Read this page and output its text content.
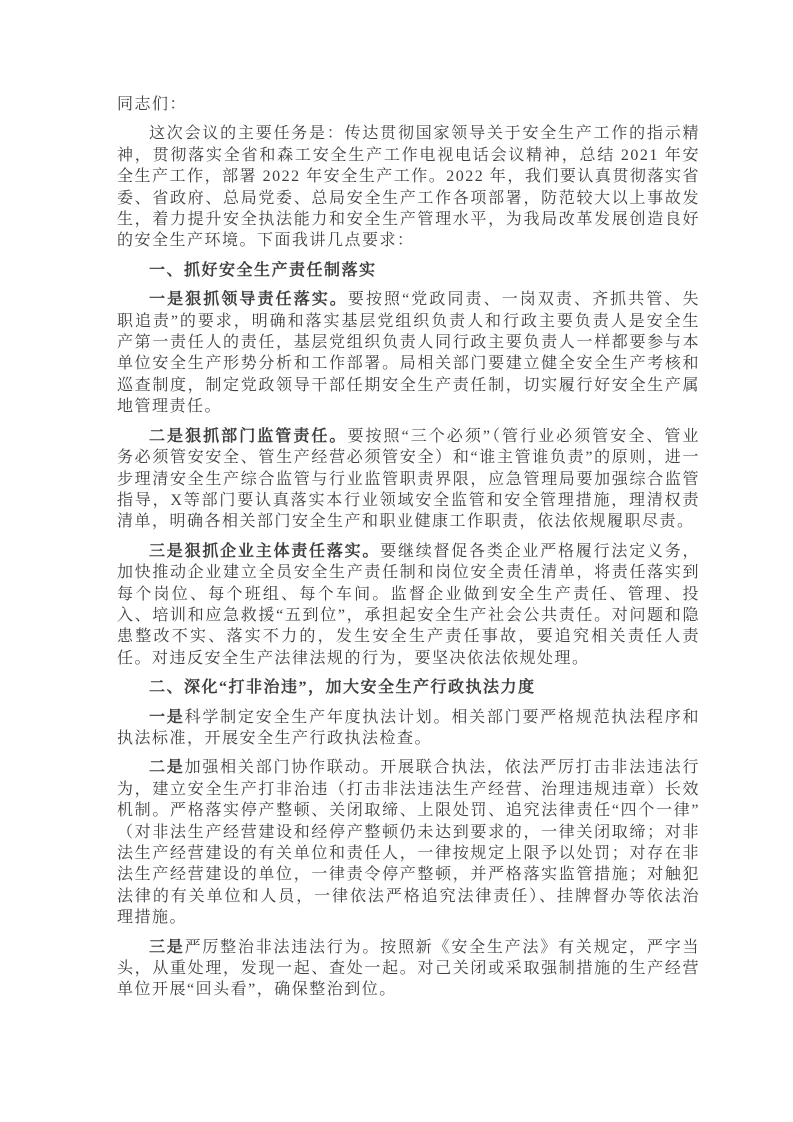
同志们：

这次会议的主要任务是：传达贯彻国家领导关于安全生产工作的指示精神，贯彻落实全省和森工安全生产工作电视电话会议精神，总结 2021 年安全生产工作，部署 2022 年安全生产工作。2022 年，我们要认真贯彻落实省委、省政府、总局党委、总局安全生产工作各项部署，防范较大以上事故发生，着力提升安全执法能力和安全生产管理水平，为我局改革发展创造良好的安全生产环境。下面我讲几点要求：

一、抓好安全生产责任制落实

一是狠抓领导责任落实。要按照“党政同责、一岗双责、齐抓共管、失职追责”的要求，明确和落实基层党组织负责人和行政主要负责人是安全生产第一责任人的责任，基层党组织负责人同行政主要负责人一样都要参与本单位安全生产形势分析和工作部署。局相关部门要建立健全安全生产考核和巡查制度，制定党政领导干部任期安全生产责任制，切实履行好安全生产属地管理责任。

二是狠抓部门监管责任。要按照“三个必须”（管行业必须管安全、管业务必须管安安全、管生产经营必须管安全）和“谁主管谁负责”的原则，进一步理清安全生产综合监管与行业监管职责界限，应急管理局要加强综合监管指导，X等部门要认真落实本行业领域安全监管和安全管理措施，理清权责清单，明确各相关部门安全生产和职业健康工作职责，依法依规履职尽责。

三是狠抓企业主体责任落实。要继续督促各类企业严格履行法定义务，加快推动企业建立全员安全生产责任制和岗位安全责任清单，将责任落实到每个岗位、每个班组、每个车间。监督企业做到安全生产责任、管理、投入、培训和应急救援“五到位”，承担起安全生产社会公共责任。对问题和隐患整改不实、落实不力的，发生安全生产责任事故，要追究相关责任人责任。对违反安全生产法律法规的行为，要坚决依法依规处理。

二、深化“打非治违”，加大安全生产行政执法力度

一是科学制定安全生产年度执法计划。相关部门要严格规范执法程序和执法标准，开展安全生产行政执法检查。

二是加强相关部门协作联动。开展联合执法，依法严厉打击非法违法行为，建立安全生产打非治违（打击非法违法生产经营、治理违规违章）长效机制。严格落实停产整顿、关闭取缔、上限处罚、追究法律责任“四个一律”（对非法生产经营建设和经停产整顿仍未达到要求的，一律关闭取缔；对非法生产经营建设的有关单位和责任人，一律按规定上限予以处罚；对存在非法生产经营建设的单位，一律责令停产整顿，并严格落实监管措施；对触犯法律的有关单位和人员，一律依法严格追究法律责任）、挂牌督办等依法治理措施。

三是严厉整治非法违法行为。按照新《安全生产法》有关规定，严字当头，从重处理，发现一起、查处一起。对己关闭或采取强制措施的生产经营单位开展“回头看”，确保整治到位。
